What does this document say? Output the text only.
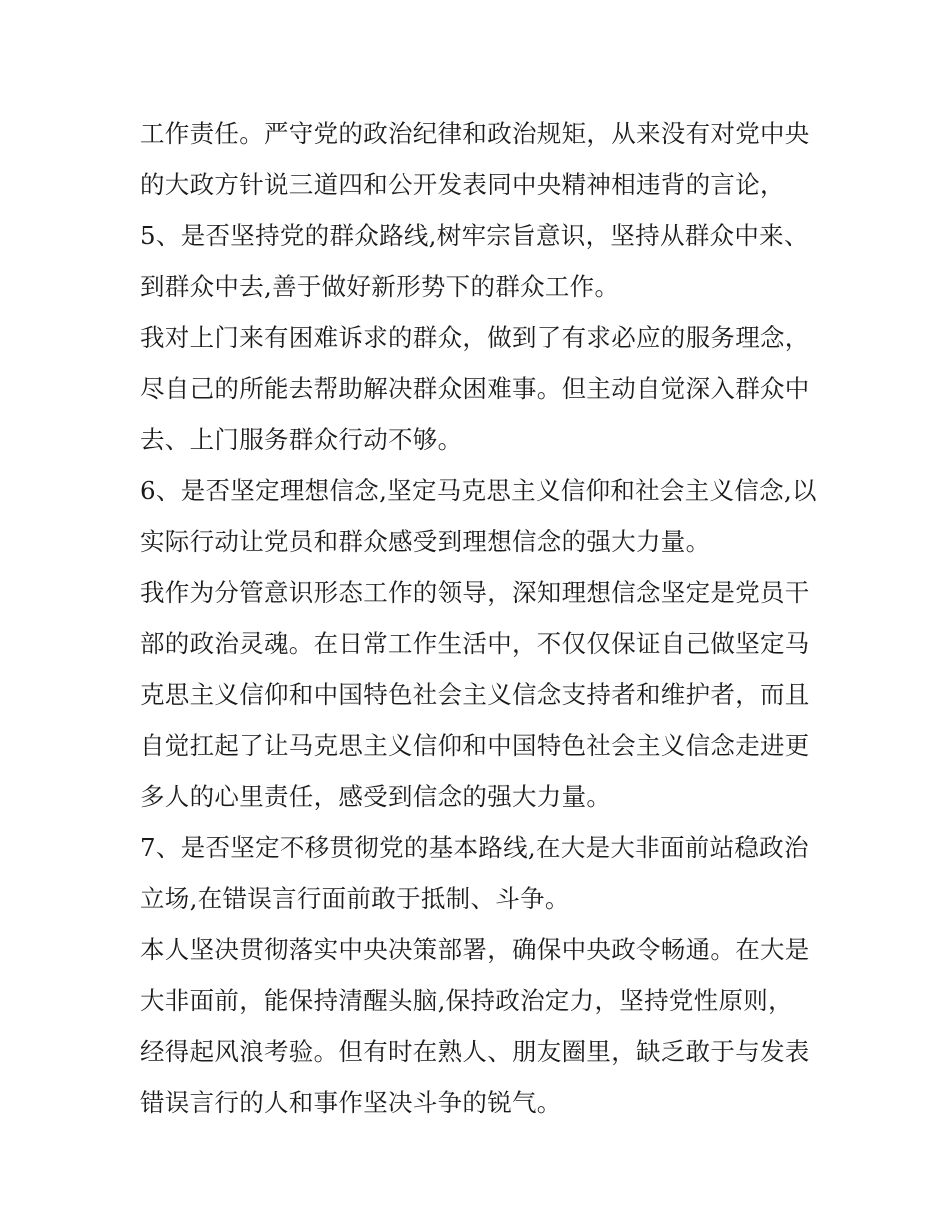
工作责任。严守党的政治纪律和政治规矩，从来没有对党中央
的大政方针说三道四和公开发表同中央精神相违背的言论，
5、是否坚持党的群众路线,树牢宗旨意识，坚持从群众中来、
到群众中去,善于做好新形势下的群众工作。
我对上门来有困难诉求的群众，做到了有求必应的服务理念，
尽自己的所能去帮助解决群众困难事。但主动自觉深入群众中
去、上门服务群众行动不够。
6、是否坚定理想信念,坚定马克思主义信仰和社会主义信念,以
实际行动让党员和群众感受到理想信念的强大力量。
我作为分管意识形态工作的领导，深知理想信念坚定是党员干
部的政治灵魂。在日常工作生活中，不仅仅保证自己做坚定马
克思主义信仰和中国特色社会主义信念支持者和维护者，而且
自觉扛起了让马克思主义信仰和中国特色社会主义信念走进更
多人的心里责任，感受到信念的强大力量。
7、是否坚定不移贯彻党的基本路线,在大是大非面前站稳政治
立场,在错误言行面前敢于抵制、斗争。
本人坚决贯彻落实中央决策部署，确保中央政令畅通。在大是
大非面前，能保持清醒头脑,保持政治定力，坚持党性原则，
经得起风浪考验。但有时在熟人、朋友圈里，缺乏敢于与发表
错误言行的人和事作坚决斗争的锐气。
